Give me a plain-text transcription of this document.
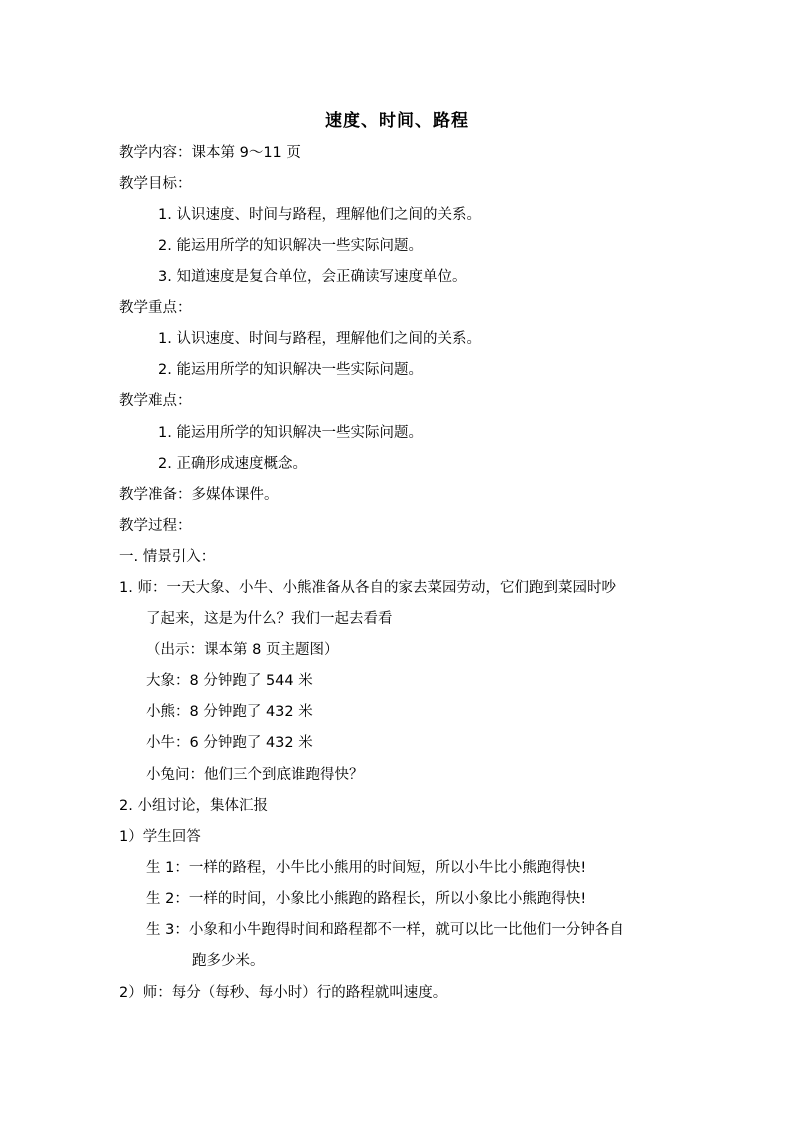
速度、时间、路程
教学内容：课本第 9～11 页
教学目标：
1. 认识速度、时间与路程，理解他们之间的关系。
2. 能运用所学的知识解决一些实际问题。
3. 知道速度是复合单位，会正确读写速度单位。
教学重点：
1. 认识速度、时间与路程，理解他们之间的关系。
2. 能运用所学的知识解决一些实际问题。
教学难点：
1. 能运用所学的知识解决一些实际问题。
2. 正确形成速度概念。
教学准备：多媒体课件。
教学过程：
一. 情景引入：
1. 师：一天大象、小牛、小熊准备从各自的家去菜园劳动，它们跑到菜园时吵
了起来，这是为什么？我们一起去看看
（出示：课本第 8 页主题图）
大象：8 分钟跑了 544 米
小熊：8 分钟跑了 432 米
小牛：6 分钟跑了 432 米
小兔问：他们三个到底谁跑得快？
2. 小组讨论，集体汇报
1）学生回答
生 1：一样的路程，小牛比小熊用的时间短，所以小牛比小熊跑得快!
生 2：一样的时间，小象比小熊跑的路程长，所以小象比小熊跑得快!
生 3：小象和小牛跑得时间和路程都不一样，就可以比一比他们一分钟各自
跑多少米。
2）师：每分（每秒、每小时）行的路程就叫速度。
